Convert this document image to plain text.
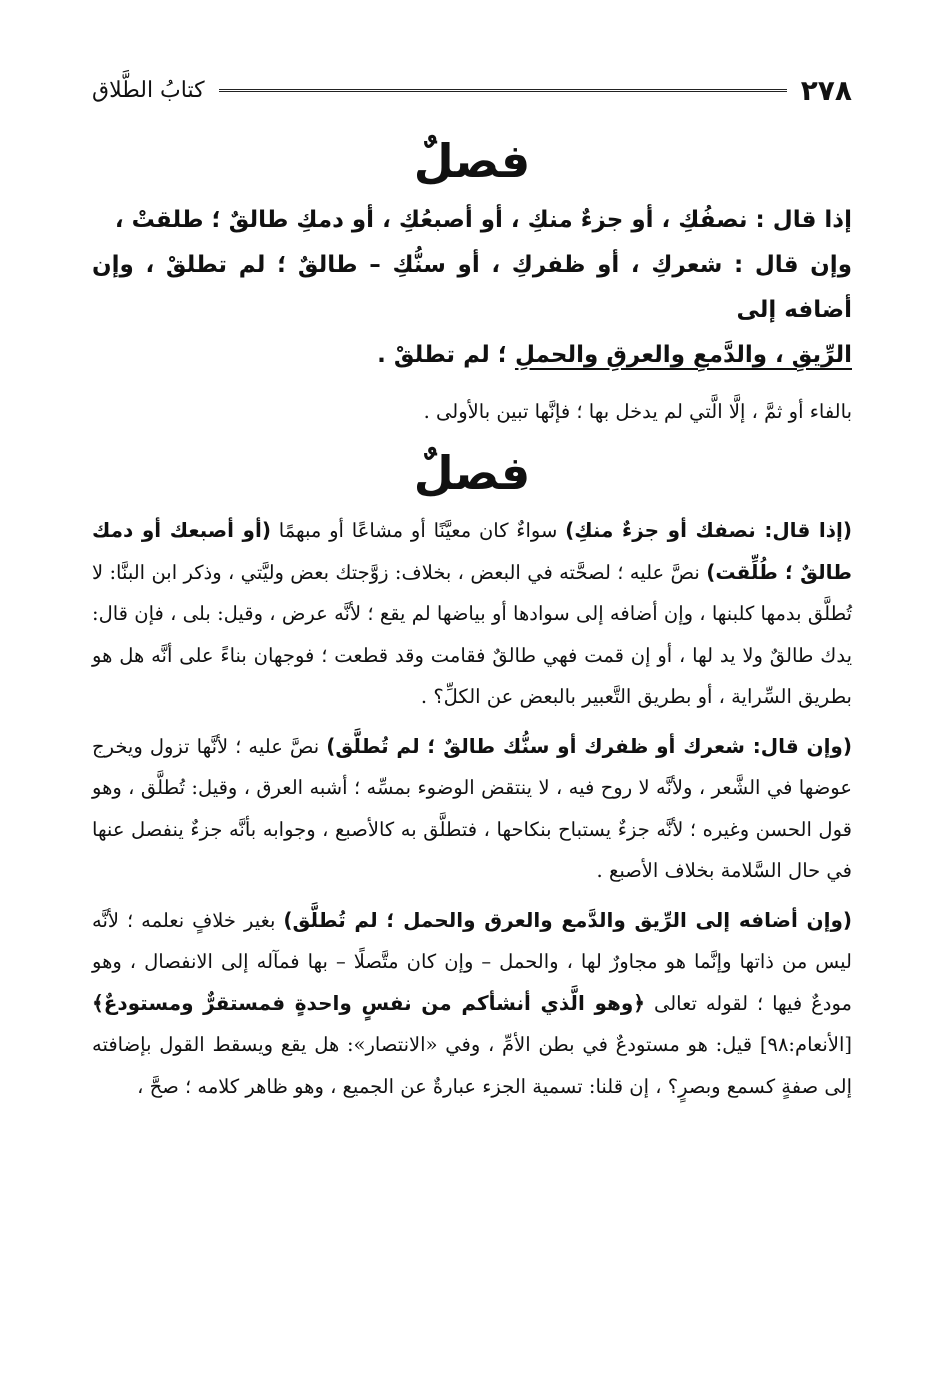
٢٧٨
كتابُ الطَّلاق
فصلٌ
إذا قال : نصفُكِ ، أو جزءٌ منكِ ، أو أصبعُكِ ، أو دمكِ طالقٌ ؛ طلقتْ ،
وإن قال : شعركِ ، أو ظفركِ ، أو سنُّكِ – طالقٌ ؛ لم تطلقْ ، وإن أضافه إلى
الرِّيقِ ، والدَّمعِ والعرقِ والحملِ ؛ لم تطلقْ .
بالفاء أو ثمَّ ، إلَّا الَّتي لم يدخل بها ؛ فإنَّها تبين بالأولى .
فصلٌ

(إذا قال: نصفك أو جزءٌ منكِ) سواءٌ كان معيَّنًا أو مشاعًا أو مبهمًا (أو أصبعك أو دمك طالقٌ ؛ طُلِّقت) نصَّ عليه ؛ لصحَّته في البعض ، بخلاف: زوَّجتك بعض وليَّتي ، وذكر ابن البنَّا: لا تُطلَّق بدمها كلبنها ، وإن أضافه إلى سوادها أو بياضها لم يقع ؛ لأنَّه عرض ، وقيل: بلى ، فإن قال: يدك طالقٌ ولا يد لها ، أو إن قمت فهي طالقٌ فقامت وقد قطعت ؛ فوجهان بناءً على أنَّه هل هو بطريق السِّراية ، أو بطريق التَّعبير بالبعض عن الكلِّ؟ .

(وإن قال: شعرك أو ظفرك أو سنُّك طالقٌ ؛ لم تُطلَّق) نصَّ عليه ؛ لأنَّها تزول ويخرج عوضها في الشَّعر ، ولأنَّه لا روح فيه ، لا ينتقض الوضوء بمسِّه ؛ أشبه العرق ، وقيل: تُطلَّق ، وهو قول الحسن وغيره ؛ لأنَّه جزءٌ يستباح بنكاحها ، فتطلَّق به كالأصبع ، وجوابه بأنَّه جزءٌ ينفصل عنها في حال السَّلامة بخلاف الأصبع .

(وإن أضافه إلى الرِّيق والدَّمع والعرق والحمل ؛ لم تُطلَّق) بغير خلافٍ نعلمه ؛ لأنَّه ليس من ذاتها وإنَّما هو مجاورٌ لها ، والحمل – وإن كان متَّصلًا – بها فمآله إلى الانفصال ، وهو مودعٌ فيها ؛ لقوله تعالى ﴿وهو الَّذي أنشأكم من نفسٍ واحدةٍ فمستقرٌّ ومستودعٌ﴾ [الأنعام:٩٨] قيل: هو مستودعٌ في بطن الأمِّ ، وفي «الانتصار»: هل يقع ويسقط القول بإضافته إلى صفةٍ كسمع وبصرٍ؟ ، إن قلنا: تسمية الجزء عبارةٌ عن الجميع ، وهو ظاهر كلامه ؛ صحَّ ،
